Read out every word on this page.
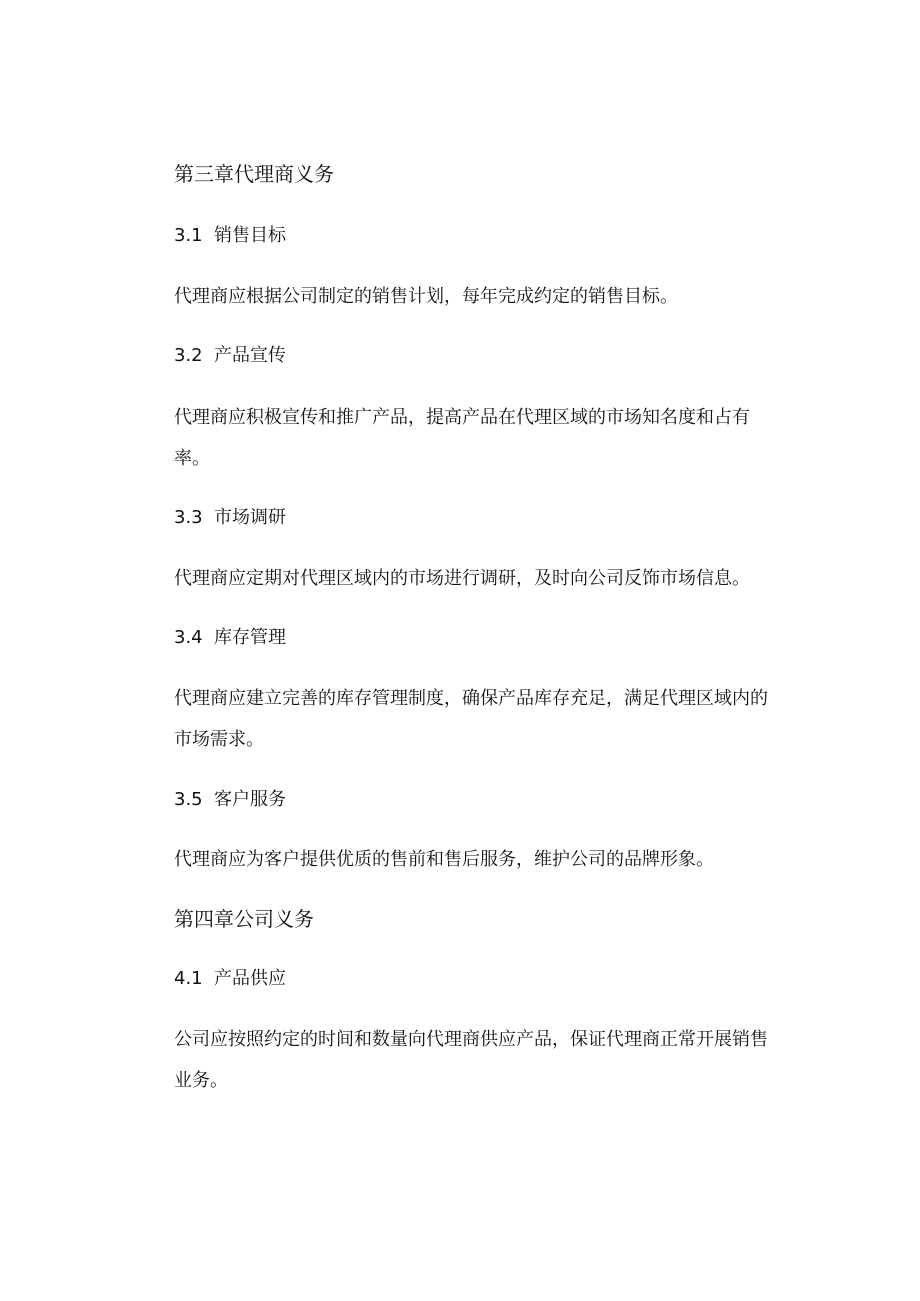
第三章代理商义务
3.1 销售目标
代理商应根据公司制定的销售计划，每年完成约定的销售目标。
3.2 产品宣传
代理商应积极宣传和推广产品，提高产品在代理区域的市场知名度和占有
率。
3.3 市场调研
代理商应定期对代理区域内的市场进行调研，及时向公司反饰市场信息。
3.4 库存管理
代理商应建立完善的库存管理制度，确保产品库存充足，满足代理区域内的
市场需求。
3.5 客户服务
代理商应为客户提供优质的售前和售后服务，维护公司的品牌形象。
第四章公司义务
4.1 产品供应
公司应按照约定的时间和数量向代理商供应产品，保证代理商正常开展销售
业务。
